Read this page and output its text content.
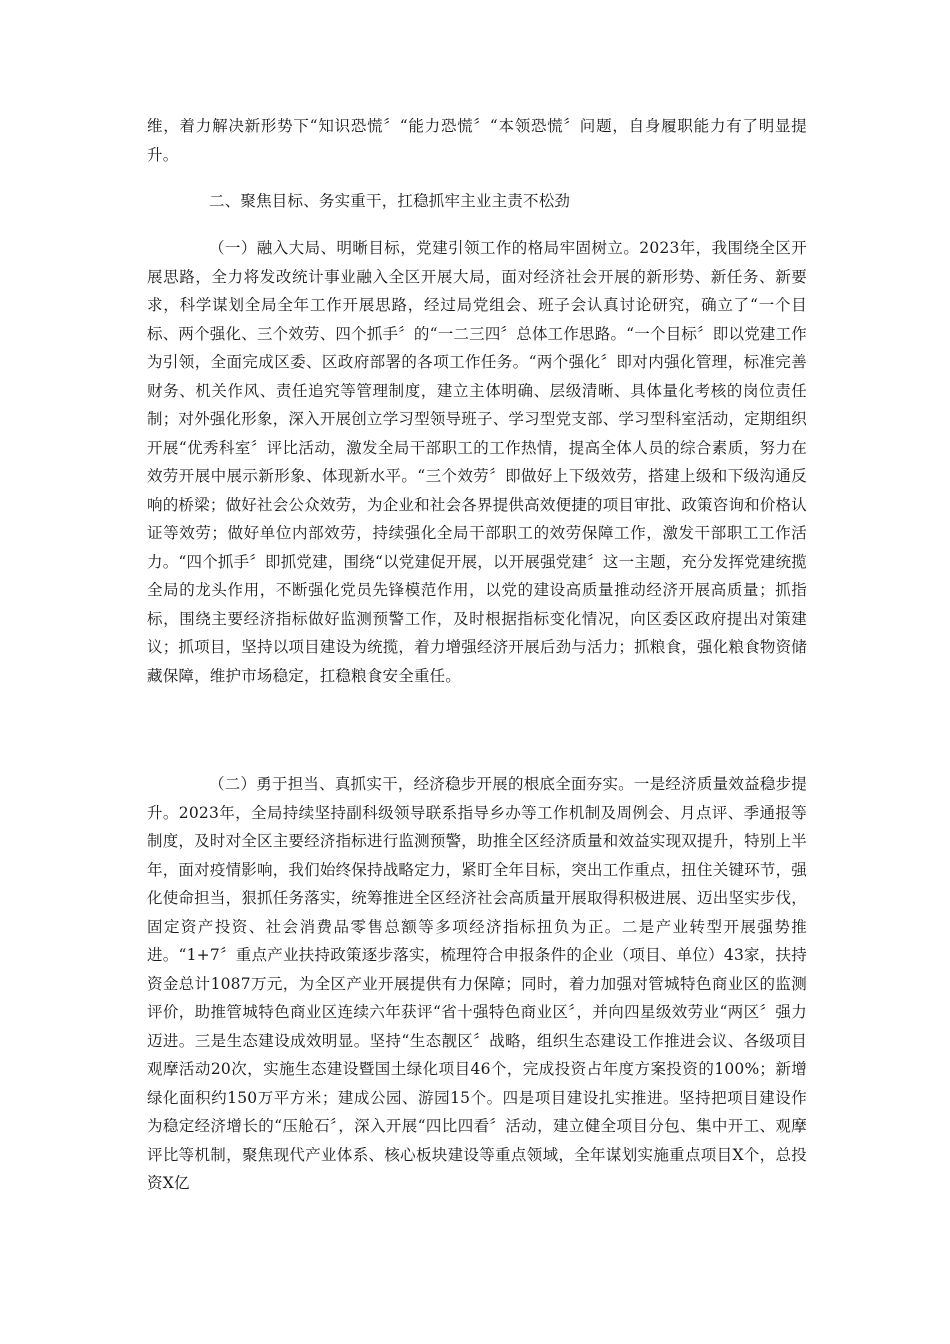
维，着力解决新形势下“知识恐慌〞“能力恐慌〞“本领恐慌〞问题，自身履职能力有了明显提升。

二、聚焦目标、务实重干，扛稳抓牢主业主责不松劲

（一）融入大局、明晰目标，党建引领工作的格局牢固树立。2023年，我围绕全区开展思路，全力将发改统计事业融入全区开展大局，面对经济社会开展的新形势、新任务、新要求，科学谋划全局全年工作开展思路，经过局党组会、班子会认真讨论研究，确立了“一个目标、两个强化、三个效劳、四个抓手〞的“一二三四〞总体工作思路。“一个目标〞即以党建工作为引领，全面完成区委、区政府部署的各项工作任务。“两个强化〞即对内强化管理，标准完善财务、机关作风、责任追究等管理制度，建立主体明确、层级清晰、具体量化考核的岗位责任制；对外强化形象，深入开展创立学习型领导班子、学习型党支部、学习型科室活动，定期组织开展“优秀科室〞评比活动，激发全局干部职工的工作热情，提高全体人员的综合素质，努力在效劳开展中展示新形象、体现新水平。“三个效劳〞即做好上下级效劳，搭建上级和下级沟通反响的桥梁；做好社会公众效劳，为企业和社会各界提供高效便捷的项目审批、政策咨询和价格认证等效劳；做好单位内部效劳，持续强化全局干部职工的效劳保障工作，激发干部职工工作活力。“四个抓手〞即抓党建，围绕“以党建促开展，以开展强党建〞这一主题，充分发挥党建统揽全局的龙头作用，不断强化党员先锋模范作用，以党的建设高质量推动经济开展高质量；抓指标，围绕主要经济指标做好监测预警工作，及时根据指标变化情况，向区委区政府提出对策建议；抓项目，坚持以项目建设为统揽，着力增强经济开展后劲与活力；抓粮食，强化粮食物资储藏保障，维护市场稳定，扛稳粮食安全重任。

（二）勇于担当、真抓实干，经济稳步开展的根底全面夯实。一是经济质量效益稳步提升。2023年，全局持续坚持副科级领导联系指导乡办等工作机制及周例会、月点评、季通报等制度，及时对全区主要经济指标进行监测预警，助推全区经济质量和效益实现双提升，特别上半年，面对疫情影响，我们始终保持战略定力，紧盯全年目标，突出工作重点，扭住关键环节，强化使命担当，狠抓任务落实，统筹推进全区经济社会高质量开展取得积极进展、迈出坚实步伐，固定资产投资、社会消费品零售总额等多项经济指标扭负为正。二是产业转型开展强势推进。“1+7〞重点产业扶持政策逐步落实，梳理符合申报条件的企业（项目、单位）43家，扶持资金总计1087万元，为全区产业开展提供有力保障；同时，着力加强对管城特色商业区的监测评价，助推管城特色商业区连续六年获评“省十强特色商业区〞，并向四星级效劳业“两区〞强力迈进。三是生态建设成效明显。坚持“生态靓区〞战略，组织生态建设工作推进会议、各级项目观摩活动20次，实施生态建设暨国土绿化项目46个，完成投资占年度方案投资的100%；新增绿化面积约150万平方米；建成公园、游园15个。四是项目建设扎实推进。坚持把项目建设作为稳定经济增长的“压舱石〞，深入开展“四比四看〞活动，建立健全项目分包、集中开工、观摩评比等机制，聚焦现代产业体系、核心板块建设等重点领域，全年谋划实施重点项目X个，总投资X亿
